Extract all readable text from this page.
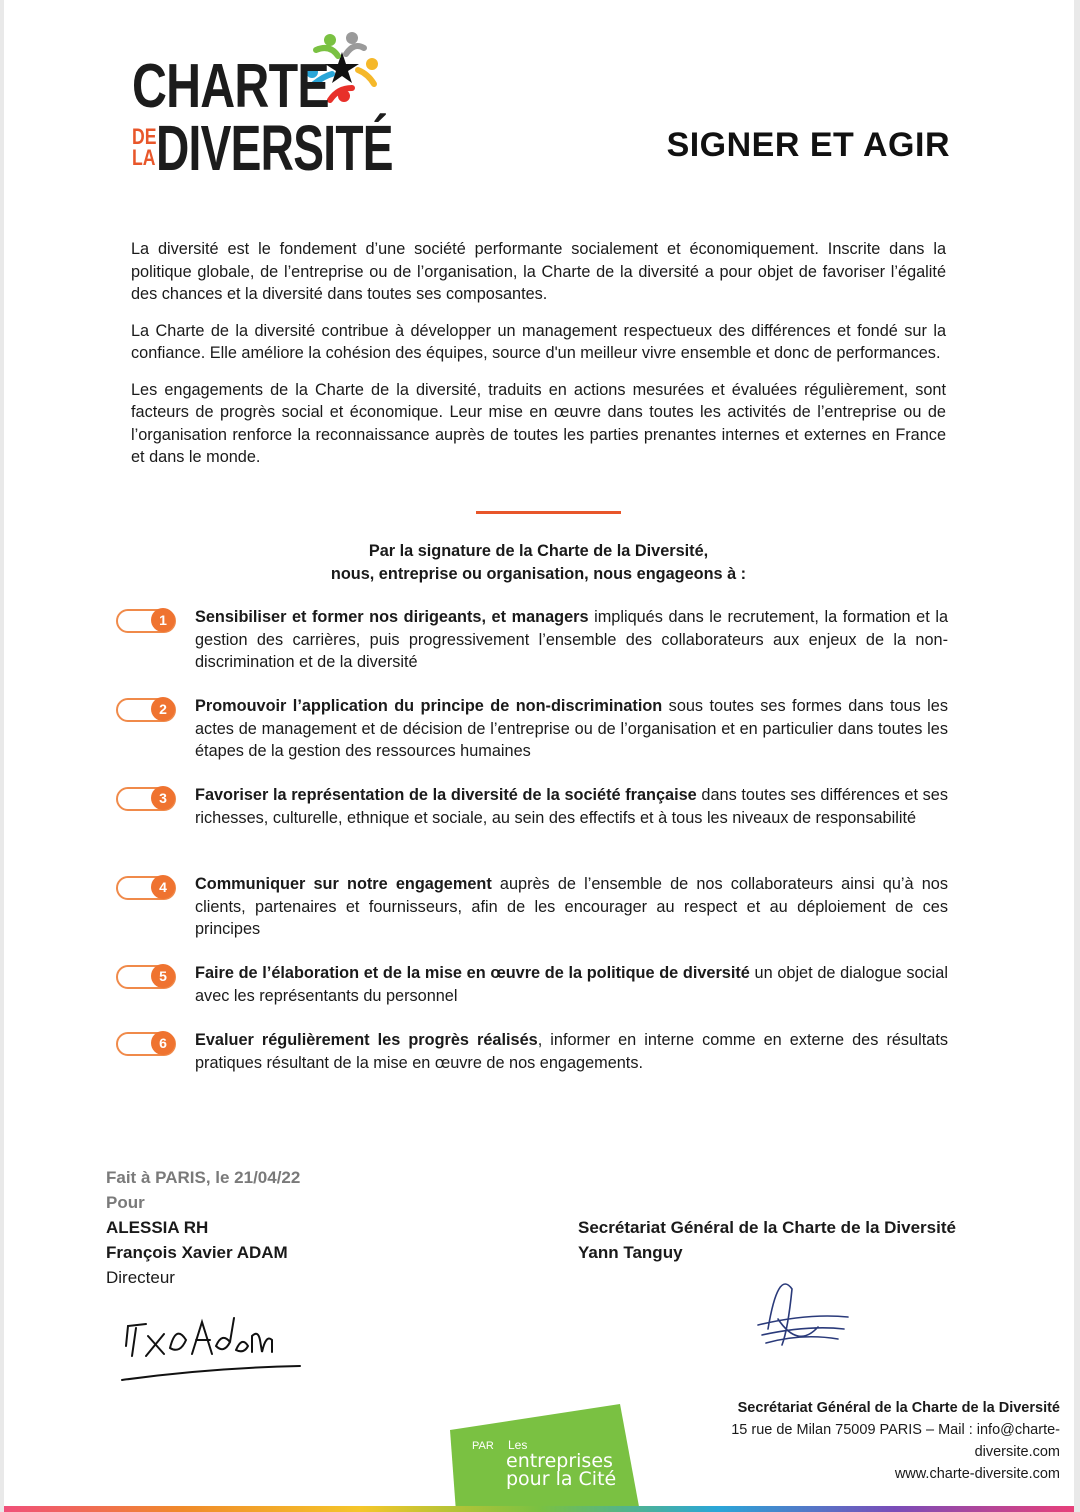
CHARTE
DE
LA DIVERSITÉ	SIGNER ET AGIR

La diversité est le fondement d’une société performante socialement et économiquement. Inscrite dans la politique globale, de l’entreprise ou de l’organisation, la Charte de la diversité a pour objet de favoriser l’égalité des chances et la diversité dans toutes ses composantes.

La Charte de la diversité contribue à développer un management respectueux des différences et fondé sur la confiance. Elle améliore la cohésion des équipes, source d'un meilleur vivre ensemble et donc de performances.

Les engagements de la Charte de la diversité, traduits en actions mesurées et évaluées régulièrement, sont facteurs de progrès social et économique. Leur mise en œuvre dans toutes les activités de l’entreprise ou de l’organisation renforce la reconnaissance auprès de toutes les parties prenantes internes et externes en France et dans le monde.

Par la signature de la Charte de la Diversité,
nous, entreprise ou organisation, nous engageons à :
1	Sensibiliser et former nos dirigeants, et managers impliqués dans le recrutement, la formation et la gestion des carrières, puis progressivement l’ensemble des collaborateurs aux enjeux de la non-discrimination et de la diversité
2	Promouvoir l’application du principe de non-discrimination sous toutes ses formes dans tous les actes de management et de décision de l’entreprise ou de l’organisation et en particulier dans toutes les étapes de la gestion des ressources humaines
3	Favoriser la représentation de la diversité de la société française dans toutes ses différences et ses richesses, culturelle, ethnique et sociale, au sein des effectifs et à tous les niveaux de responsabilité
4	Communiquer sur notre engagement auprès de l’ensemble de nos collaborateurs ainsi qu’à nos clients, partenaires et fournisseurs, afin de les encourager au respect et au déploiement de ces principes
5	Faire de l’élaboration et de la mise en œuvre de la politique de diversité un objet de dialogue social avec les représentants du personnel
6	Evaluer régulièrement les progrès réalisés, informer en interne comme en externe des résultats pratiques résultant de la mise en œuvre de nos engagements.
Fait à PARIS, le 21/04/22
Pour
ALESSIA RH
François Xavier ADAM
Directeur
Secrétariat Général de la Charte de la Diversité
Yann Tanguy
PAR Les
entreprises
pour la Cité
Secrétariat Général de la Charte de la Diversité
15 rue de Milan 75009 PARIS – Mail : info@charte-
diversite.com
www.charte-diversite.com
